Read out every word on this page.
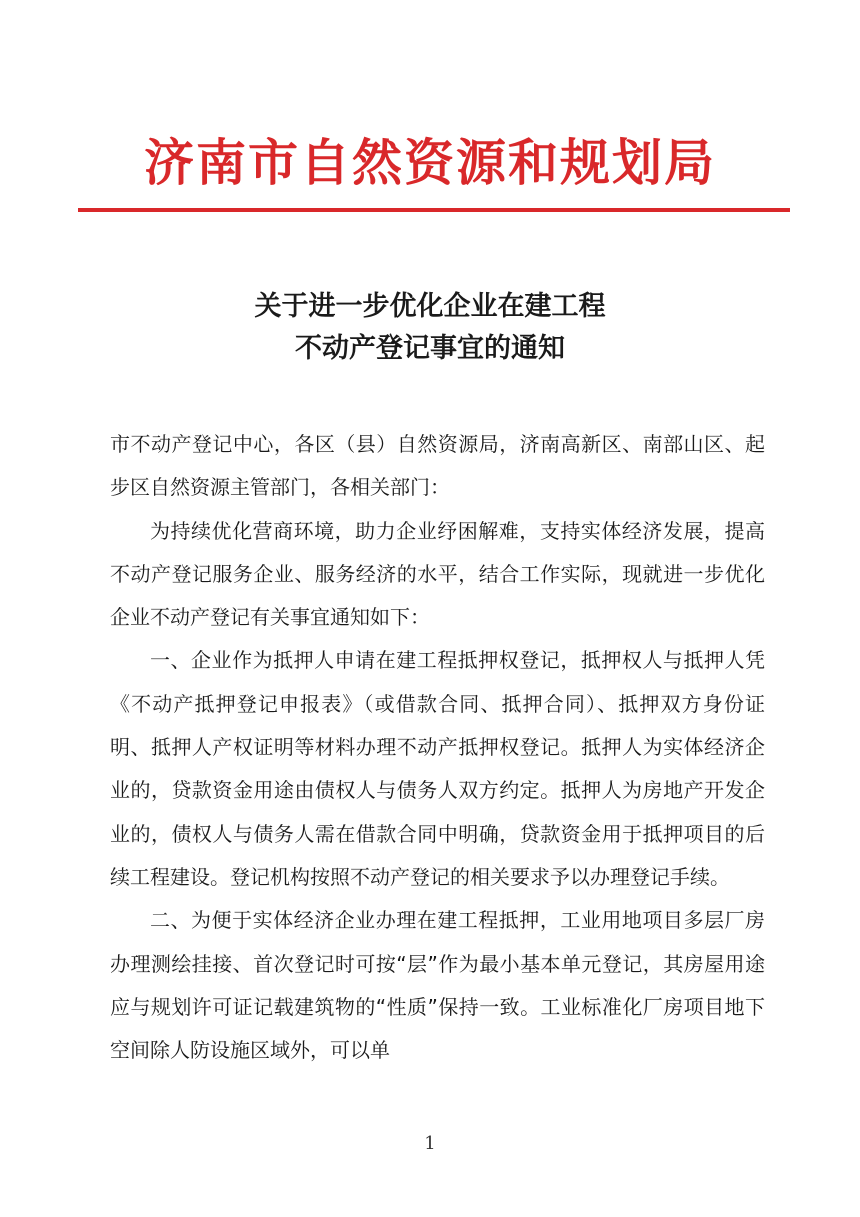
济南市自然资源和规划局
关于进一步优化企业在建工程
不动产登记事宜的通知

市不动产登记中心，各区（县）自然资源局，济南高新区、南部山区、起步区自然资源主管部门，各相关部门：

为持续优化营商环境，助力企业纾困解难，支持实体经济发展，提高不动产登记服务企业、服务经济的水平，结合工作实际，现就进一步优化企业不动产登记有关事宜通知如下：

一、企业作为抵押人申请在建工程抵押权登记，抵押权人与抵押人凭《不动产抵押登记申报表》（或借款合同、抵押合同）、抵押双方身份证明、抵押人产权证明等材料办理不动产抵押权登记。抵押人为实体经济企业的，贷款资金用途由债权人与债务人双方约定。抵押人为房地产开发企业的，债权人与债务人需在借款合同中明确，贷款资金用于抵押项目的后续工程建设。登记机构按照不动产登记的相关要求予以办理登记手续。

二、为便于实体经济企业办理在建工程抵押，工业用地项目多层厂房办理测绘挂接、首次登记时可按“层”作为最小基本单元登记，其房屋用途应与规划许可证记载建筑物的“性质”保持一致。工业标准化厂房项目地下空间除人防设施区域外，可以单

1
